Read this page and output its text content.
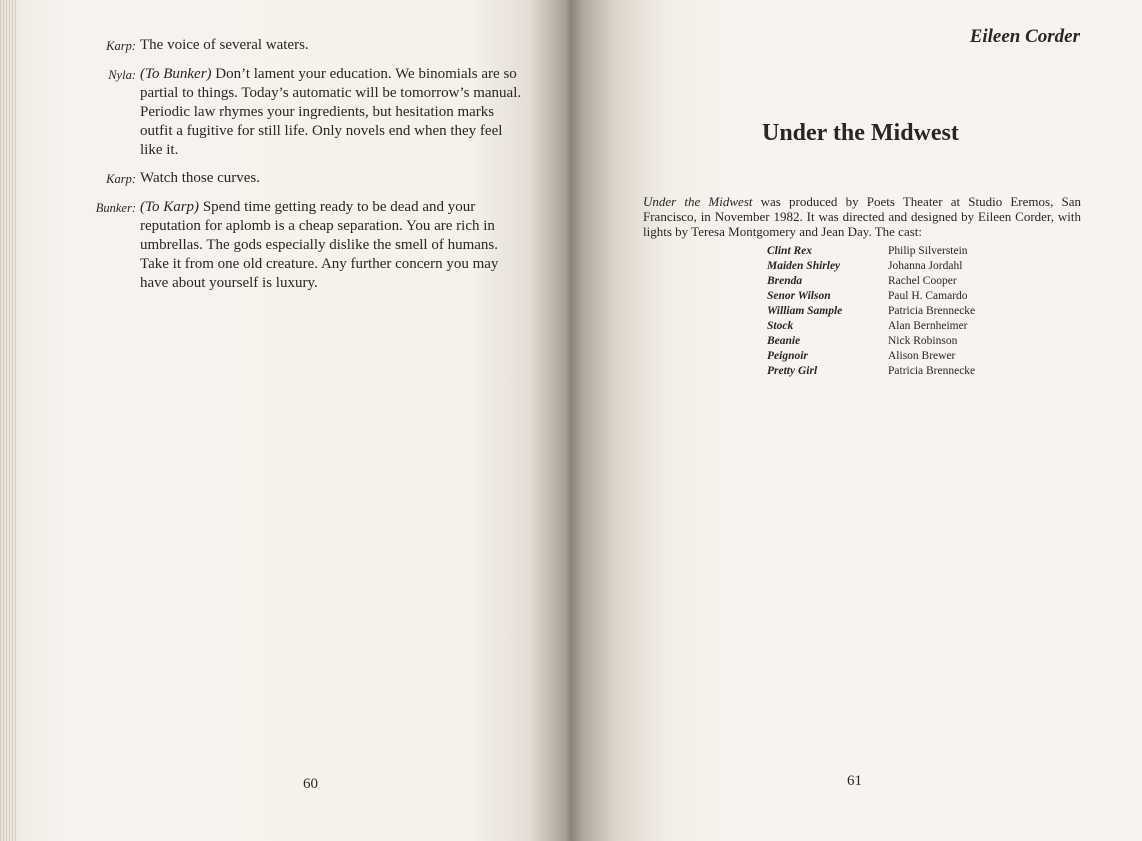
Karp: The voice of several waters.
Nyla: (To Bunker) Don’t lament your education. We binomials are so partial to things. Today’s automatic will be tomorrow’s manual. Periodic law rhymes your ingredients, but hesitation marks outfit a fugitive for still life. Only novels end when they feel like it.
Karp: Watch those curves.
Bunker: (To Karp) Spend time getting ready to be dead and your reputation for aplomb is a cheap separation. You are rich in umbrellas. The gods especially dislike the smell of humans. Take it from one old creature. Any further concern you may have about yourself is luxury.
60
Eileen Corder
Under the Midwest
Under the Midwest was produced by Poets Theater at Studio Eremos, San Francisco, in November 1982. It was directed and designed by Eileen Corder, with lights by Teresa Montgomery and Jean Day. The cast:
Clint Rex	Philip Silverstein
Maiden Shirley	Johanna Jordahl
Brenda	Rachel Cooper
Senor Wilson	Paul H. Camardo
William Sample	Patricia Brennecke
Stock	Alan Bernheimer
Beanie	Nick Robinson
Peignoir	Alison Brewer
Pretty Girl	Patricia Brennecke
61
